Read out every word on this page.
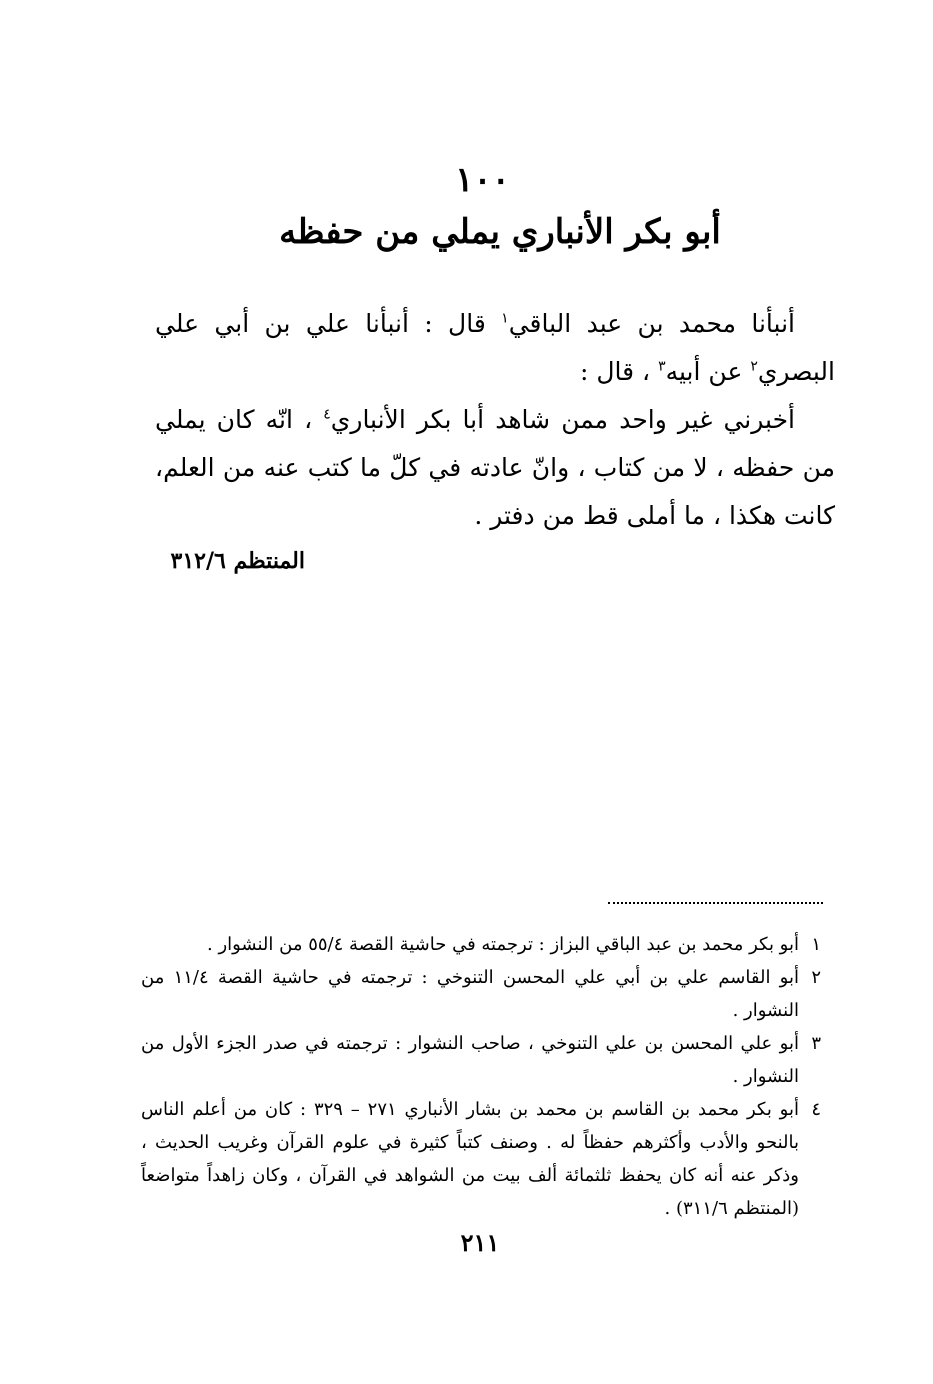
١٠٠
أبو بكر الأنباري يملي من حفظه

أنبأنا محمد بن عبد الباقي$^١$ قال : أنبأنا علي بن أبي علي البصري$^٢$ عن أبيه$^٣$ ، قال :

أخبرني غير واحد ممن شاهد أبا بكر الأنباري$^٤$ ، انّه كان يملي من حفظه ، لا من كتاب ، وانّ عادته في كلّ ما كتب عنه من العلم، كانت هكذا ، ما أملى قط من دفتر .

المنتظم ٣١٢/٦
١
أبو بكر محمد بن عبد الباقي البزاز : ترجمته في حاشية القصة ٥٥/٤ من النشوار .
٢
أبو القاسم علي بن أبي علي المحسن التنوخي : ترجمته في حاشية القصة ١١/٤ من النشوار .
٣
أبو علي المحسن بن علي التنوخي ، صاحب النشوار : ترجمته في صدر الجزء الأول من النشوار .
٤
أبو بكر محمد بن القاسم بن محمد بن بشار الأنباري ٢٧١ – ٣٢٩ : كان من أعلم الناس بالنحو والأدب وأكثرهم حفظاً له . وصنف كتباً كثيرة في علوم القرآن وغريب الحديث ، وذكر عنه أنه كان يحفظ ثلثمائة ألف بيت من الشواهد في القرآن ، وكان زاهداً متواضعاً (المنتظم ٣١١/٦) .
٢١١
